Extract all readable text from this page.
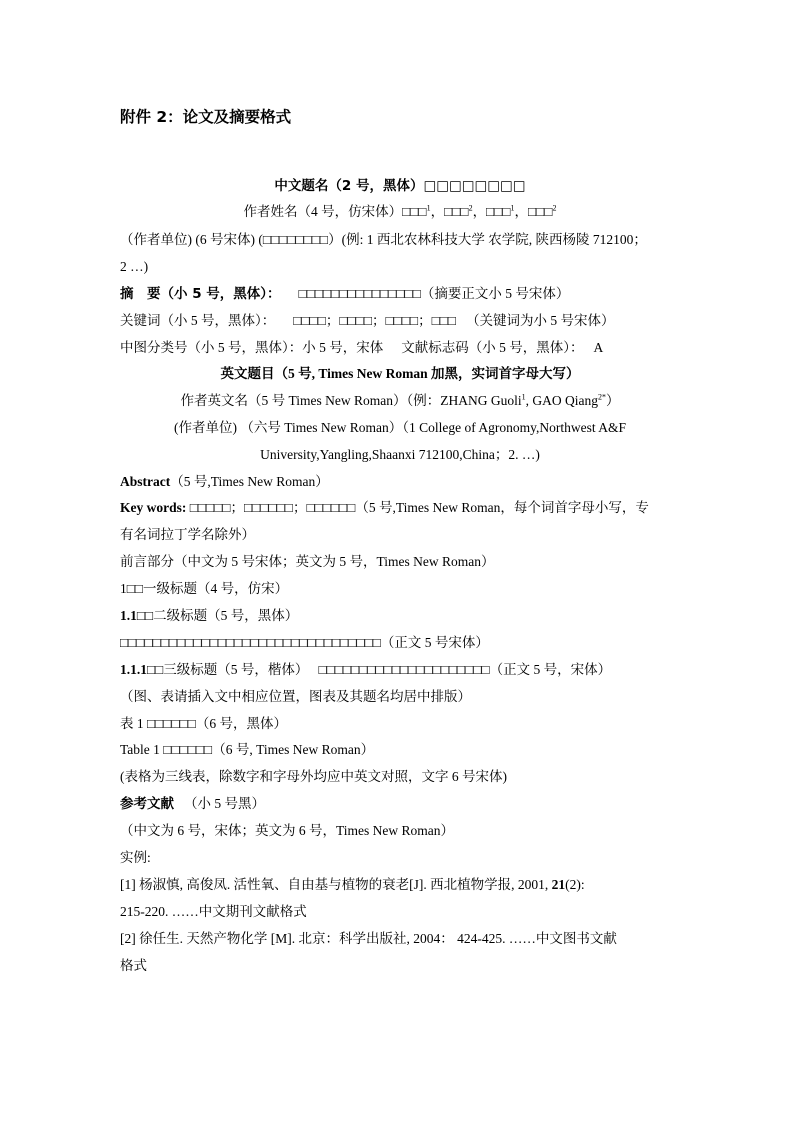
附件 2：论文及摘要格式
中文题名（2 号，黑体）□□□□□□□□
作者姓名（4 号，仿宋体）□□□$^1$，□□□$^2$，□□□$^1$，□□□$^2$
（作者单位) (6 号宋体) (□□□□□□□□）(例: 1 西北农林科技大学 农学院, 陕西杨陵 712100；
2 …)
摘　要（小 5 号，黑体）： □□□□□□□□□□□□□□□（摘要正文小 5 号宋体）
关键词（小 5 号，黑体）： □□□□；□□□□；□□□□；□□□ （关键词为小 5 号宋体）
中图分类号（小 5 号，黑体）：小 5 号，宋体 文献标志码（小 5 号，黑体）： A
英文题目（5 号, Times New Roman 加黑，实词首字母大写）
作者英文名（5 号 Times New Roman）（例：ZHANG Guoli$^1$, GAO Qiang$^{2*}$）
(作者单位) （六号 Times New Roman）（1 College of Agronomy,Northwest A&F
University,Yangling,Shaanxi 712100,China；2. …)
Abstract（5 号,Times New Roman）
Key words: □□□□□；□□□□□□；□□□□□□（5 号,Times New Roman，每个词首字母小写，专
有名词拉丁学名除外）
前言部分（中文为 5 号宋体；英文为 5 号，Times New Roman）
1□□一级标题（4 号，仿宋）
1.1□□二级标题（5 号，黑体）
□□□□□□□□□□□□□□□□□□□□□□□□□□□□□□□□（正文 5 号宋体）
1.1.1□□三级标题（5 号，楷体） □□□□□□□□□□□□□□□□□□□□□（正文 5 号，宋体）
（图、表请插入文中相应位置，图表及其题名均居中排版）
表 1 □□□□□□（6 号，黑体）
Table 1 □□□□□□（6 号, Times New Roman）
(表格为三线表，除数字和字母外均应中英文对照，文字 6 号宋体)
参考文献 （小 5 号黑）
（中文为 6 号，宋体；英文为 6 号，Times New Roman）
实例:
[1] 杨淑慎, 高俊凤. 活性氧、自由基与植物的衰老[J]. 西北植物学报, 2001, 21(2):
215-220. ……中文期刊文献格式
[2] 徐任生. 天然产物化学 [M]. 北京：科学出版社, 2004： 424-425. ……中文图书文献
格式
